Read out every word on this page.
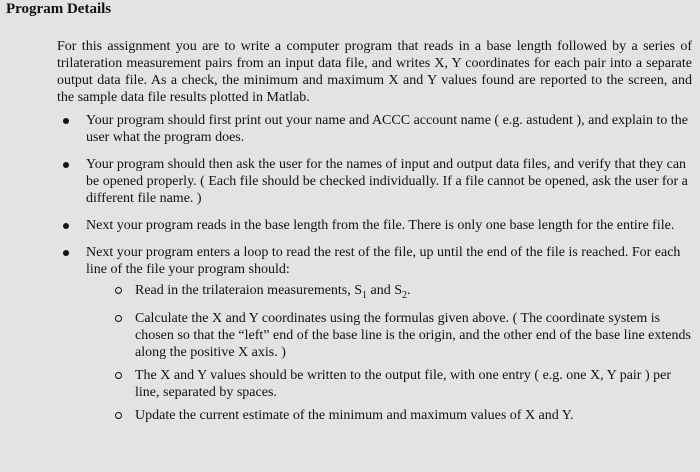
Program Details

For this assignment you are to write a computer program that reads in a base length followed by a series of trilateration measurement pairs from an input data file, and writes X, Y coordinates for each pair into a separate output data file. As a check, the minimum and maximum X and Y values found are reported to the screen, and the sample data file results plotted in Matlab.

Your program should first print out your name and ACCC account name ( e.g. astudent ), and explain to the user what the program does.
Your program should then ask the user for the names of input and output data files, and verify that they can be opened properly. ( Each file should be checked individually. If a file cannot be opened, ask the user for a different file name. )
Next your program reads in the base length from the file. There is only one base length for the entire file.
Next your program enters a loop to read the rest of the file, up until the end of the file is reached. For each line of the file your program should:
Read in the trilateraion measurements, $S_1$ and $S_2$.
Calculate the X and Y coordinates using the formulas given above. ( The coordinate system is chosen so that the “left” end of the base line is the origin, and the other end of the base line extends along the positive X axis. )
The X and Y values should be written to the output file, with one entry ( e.g. one X, Y pair ) per line, separated by spaces.
Update the current estimate of the minimum and maximum values of X and Y.
